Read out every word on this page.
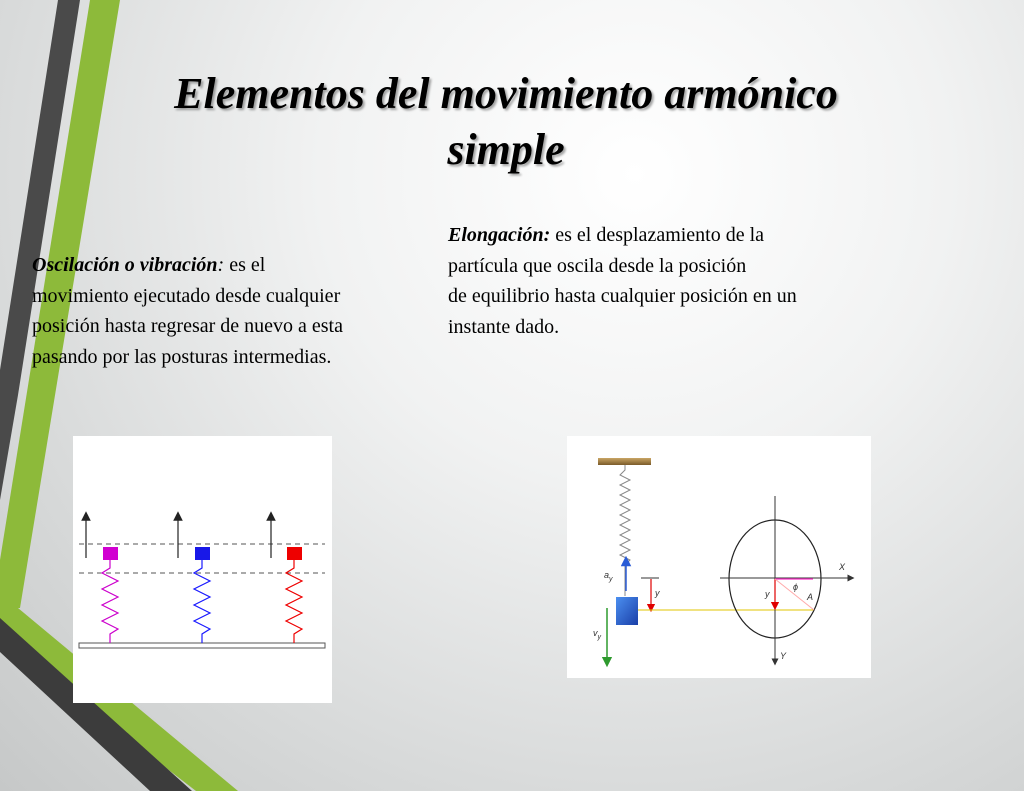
Elementos del movimiento armónico
simple
Oscilación o vibración: es el
movimiento ejecutado desde cualquier
posición hasta regresar de nuevo a esta
pasando por las posturas intermedias.
Elongación: es el desplazamiento de la
partícula que oscila desde la posición
de equilibrio hasta cualquier posición en un
instante dado.
$a_y$
$v_y$
y
X
Y
y
ϕ
A
